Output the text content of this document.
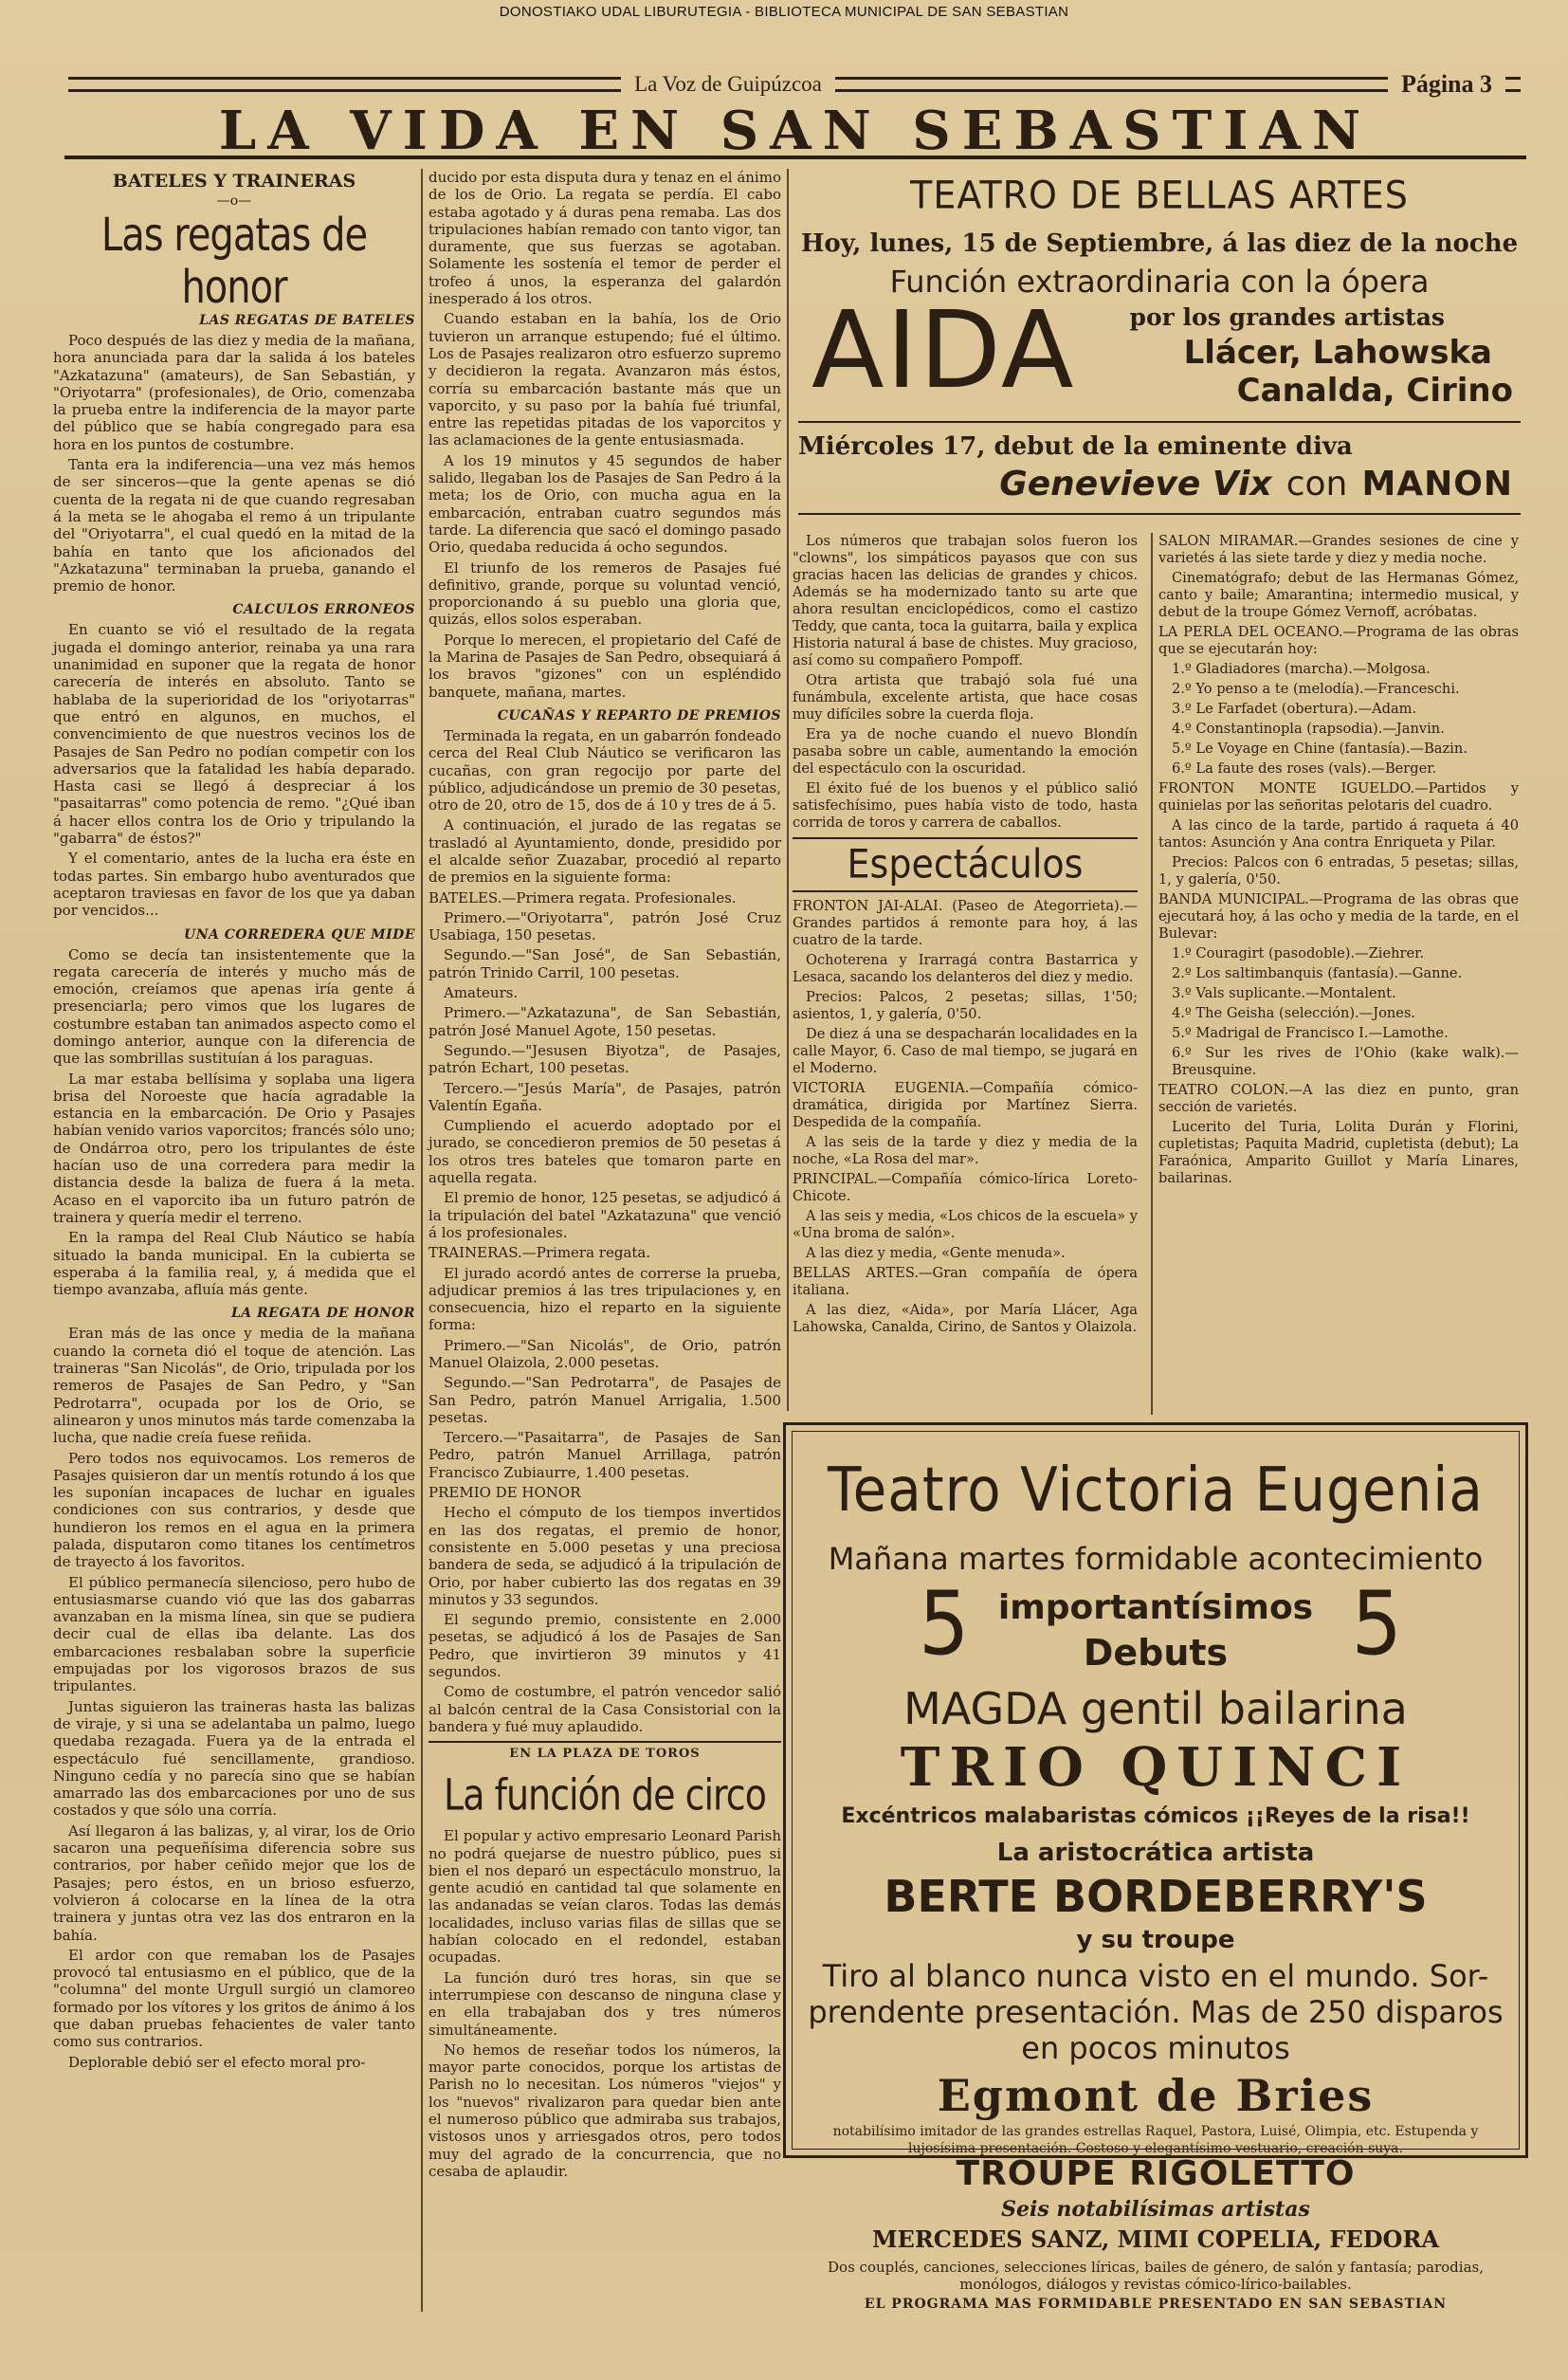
DONOSTIAKO UDAL LIBURUTEGIA - BIBLIOTECA MUNICIPAL DE SAN SEBASTIAN
La Voz de Guipúzcoa	Página 3
LA VIDA EN SAN SEBASTIAN
BATELES Y TRAINERAS
—o—
Las regatas de honor
LAS REGATAS DE BATELES

Poco después de las diez y media de la mañana, hora anunciada para dar la salida á los bateles "Azkatazuna" (amateurs), de San Sebastián, y "Oriyotarra" (profesionales), de Orio, comenzaba la prueba entre la indiferencia de la mayor parte del público que se había congregado para esa hora en los puntos de costumbre.

Tanta era la indiferencia—una vez más hemos de ser sinceros—que la gente apenas se dió cuenta de la regata ni de que cuando regresaban á la meta se le ahogaba el remo á un tripulante del "Oriyotarra", el cual quedó en la mitad de la bahía en tanto que los aficionados del "Azkatazuna" terminaban la prueba, ganando el premio de honor.

CALCULOS ERRONEOS

En cuanto se vió el resultado de la regata jugada el domingo anterior, reinaba ya una rara unanimidad en suponer que la regata de honor carecería de interés en absoluto. Tanto se hablaba de la superioridad de los "oriyotarras" que entró en algunos, en muchos, el convencimiento de que nuestros vecinos los de Pasajes de San Pedro no podían competir con los adversarios que la fatalidad les había deparado. Hasta casi se llegó á despreciar á los "pasaitarras" como potencia de remo. "¿Qué iban á hacer ellos contra los de Orio y tripulando la "gabarra" de éstos?"

Y el comentario, antes de la lucha era éste en todas partes. Sin embargo hubo aventurados que aceptaron traviesas en favor de los que ya daban por vencidos...

UNA CORREDERA QUE MIDE

Como se decía tan insistentemente que la regata carecería de interés y mucho más de emoción, creíamos que apenas iría gente á presenciarla; pero vimos que los lugares de costumbre estaban tan animados aspecto como el domingo anterior, aunque con la diferencia de que las sombrillas sustituían á los paraguas.

La mar estaba bellísima y soplaba una ligera brisa del Noroeste que hacía agradable la estancia en la embarcación. De Orio y Pasajes habían venido varios vaporcitos; francés sólo uno; de Ondárroa otro, pero los tripulantes de éste hacían uso de una corredera para medir la distancia desde la baliza de fuera á la meta. Acaso en el vaporcito iba un futuro patrón de trainera y quería medir el terreno.

En la rampa del Real Club Náutico se había situado la banda municipal. En la cubierta se esperaba á la familia real, y, á medida que el tiempo avanzaba, afluía más gente.

LA REGATA DE HONOR

Eran más de las once y media de la mañana cuando la corneta dió el toque de atención. Las traineras "San Nicolás", de Orio, tripulada por los remeros de Pasajes de San Pedro, y "San Pedrotarra", ocupada por los de Orio, se alinearon y unos minutos más tarde comenzaba la lucha, que nadie creía fuese reñida.

Pero todos nos equivocamos. Los remeros de Pasajes quisieron dar un mentís rotundo á los que les suponían incapaces de luchar en iguales condiciones con sus contrarios, y desde que hundieron los remos en el agua en la primera palada, disputaron como titanes los centímetros de trayecto á los favoritos.

El público permanecía silencioso, pero hubo de entusiasmarse cuando vió que las dos gabarras avanzaban en la misma línea, sin que se pudiera decir cual de ellas iba delante. Las dos embarcaciones resbalaban sobre la superficie empujadas por los vigorosos brazos de sus tripulantes.

Juntas siguieron las traineras hasta las balizas de viraje, y si una se adelantaba un palmo, luego quedaba rezagada. Fuera ya de la entrada el espectáculo fué sencillamente, grandioso. Ninguno cedía y no parecía sino que se habían amarrado las dos embarcaciones por uno de sus costados y que sólo una corría.

Así llegaron á las balizas, y, al virar, los de Orio sacaron una pequeñísima diferencia sobre sus contrarios, por haber ceñido mejor que los de Pasajes; pero éstos, en un brioso esfuerzo, volvieron á colocarse en la línea de la otra trainera y juntas otra vez las dos entraron en la bahía.

El ardor con que remaban los de Pasajes provocó tal entusiasmo en el público, que de la "columna" del monte Urgull surgió un clamoreo formado por los vítores y los gritos de ánimo á los que daban pruebas fehacientes de valer tanto como sus contrarios.

Deplorable debió ser el efecto moral pro-

ducido por esta disputa dura y tenaz en el ánimo de los de Orio. La regata se perdía. El cabo estaba agotado y á duras pena remaba. Las dos tripulaciones habían remado con tanto vigor, tan duramente, que sus fuerzas se agotaban. Solamente les sostenía el temor de perder el trofeo á unos, la esperanza del galardón inesperado á los otros.

Cuando estaban en la bahía, los de Orio tuvieron un arranque estupendo; fué el último. Los de Pasajes realizaron otro esfuerzo supremo y decidieron la regata. Avanzaron más éstos, corría su embarcación bastante más que un vaporcito, y su paso por la bahía fué triunfal, entre las repetidas pitadas de los vaporcitos y las aclamaciones de la gente entusiasmada.

A los 19 minutos y 45 segundos de haber salido, llegaban los de Pasajes de San Pedro á la meta; los de Orio, con mucha agua en la embarcación, entraban cuatro segundos más tarde. La diferencia que sacó el domingo pasado Orio, quedaba reducida á ocho segundos.

El triunfo de los remeros de Pasajes fué definitivo, grande, porque su voluntad venció, proporcionando á su pueblo una gloria que, quizás, ellos solos esperaban.

Porque lo merecen, el propietario del Café de la Marina de Pasajes de San Pedro, obsequiará á los bravos "gizones" con un espléndido banquete, mañana, martes.

CUCAÑAS Y REPARTO DE PREMIOS

Terminada la regata, en un gabarrón fondeado cerca del Real Club Náutico se verificaron las cucañas, con gran regocijo por parte del público, adjudicándose un premio de 30 pesetas, otro de 20, otro de 15, dos de á 10 y tres de á 5.

A continuación, el jurado de las regatas se trasladó al Ayuntamiento, donde, presidido por el alcalde señor Zuazabar, procedió al reparto de premios en la siguiente forma:

BATELES.—Primera regata. Profesionales.

Primero.—"Oriyotarra", patrón José Cruz Usabiaga, 150 pesetas.

Segundo.—"San José", de San Sebastián, patrón Trinido Carril, 100 pesetas.

Amateurs.

Primero.—"Azkatazuna", de San Sebastián, patrón José Manuel Agote, 150 pesetas.

Segundo.—"Jesusen Biyotza", de Pasajes, patrón Echart, 100 pesetas.

Tercero.—"Jesús María", de Pasajes, patrón Valentín Egaña.

Cumpliendo el acuerdo adoptado por el jurado, se concedieron premios de 50 pesetas á los otros tres bateles que tomaron parte en aquella regata.

El premio de honor, 125 pesetas, se adjudicó á la tripulación del batel "Azkatazuna" que venció á los profesionales.

TRAINERAS.—Primera regata.

El jurado acordó antes de correrse la prueba, adjudicar premios á las tres tripulaciones y, en consecuencia, hizo el reparto en la siguiente forma:

Primero.—"San Nicolás", de Orio, patrón Manuel Olaizola, 2.000 pesetas.

Segundo.—"San Pedrotarra", de Pasajes de San Pedro, patrón Manuel Arrigalia, 1.500 pesetas.

Tercero.—"Pasaitarra", de Pasajes de San Pedro, patrón Manuel Arrillaga, patrón Francisco Zubiaurre, 1.400 pesetas.

PREMIO DE HONOR

Hecho el cómputo de los tiempos invertidos en las dos regatas, el premio de honor, consistente en 5.000 pesetas y una preciosa bandera de seda, se adjudicó á la tripulación de Orio, por haber cubierto las dos regatas en 39 minutos y 33 segundos.

El segundo premio, consistente en 2.000 pesetas, se adjudicó á los de Pasajes de San Pedro, que invirtieron 39 minutos y 41 segundos.

Como de costumbre, el patrón vencedor salió al balcón central de la Casa Consistorial con la bandera y fué muy aplaudido.

EN LA PLAZA DE TOROS
La función de circo

El popular y activo empresario Leonard Parish no podrá quejarse de nuestro público, pues si bien el nos deparó un espectáculo monstruo, la gente acudió en cantidad tal que solamente en las andanadas se veían claros. Todas las demás localidades, incluso varias filas de sillas que se habían colocado en el redondel, estaban ocupadas.

La función duró tres horas, sin que se interrumpiese con descanso de ninguna clase y en ella trabajaban dos y tres números simultáneamente.

No hemos de reseñar todos los números, la mayor parte conocidos, porque los artistas de Parish no lo necesitan. Los números "viejos" y los "nuevos" rivalizaron para quedar bien ante el numeroso público que admiraba sus trabajos, vistosos unos y arriesgados otros, pero todos muy del agrado de la concurrencia, que no cesaba de aplaudir.

TEATRO DE BELLAS ARTES
Hoy, lunes, 15 de Septiembre, á las diez de la noche
Función extraordinaria con la ópera
AIDA por los grandes artistas
Llácer, Lahowska
Canalda, Cirino
Miércoles 17, debut de la eminente diva
Genevieve Vix con MANON

Los números que trabajan solos fueron los "clowns", los simpáticos payasos que con sus gracias hacen las delicias de grandes y chicos. Además se ha modernizado tanto su arte que ahora resultan enciclopédicos, como el castizo Teddy, que canta, toca la guitarra, baila y explica Historia natural á base de chistes. Muy gracioso, así como su compañero Pompoff.

Otra artista que trabajó sola fué una funámbula, excelente artista, que hace cosas muy difíciles sobre la cuerda floja.

Era ya de noche cuando el nuevo Blondín pasaba sobre un cable, aumentando la emoción del espectáculo con la oscuridad.

El éxito fué de los buenos y el público salió satisfechísimo, pues había visto de todo, hasta corrida de toros y carrera de caballos.

Espectáculos

FRONTON JAI-ALAI. (Paseo de Ategorrieta).—Grandes partidos á remonte para hoy, á las cuatro de la tarde.

Ochoterena y Irarragá contra Bastarrica y Lesaca, sacando los delanteros del diez y medio.

Precios: Palcos, 2 pesetas; sillas, 1'50; asientos, 1, y galería, 0'50.

De diez á una se despacharán localidades en la calle Mayor, 6. Caso de mal tiempo, se jugará en el Moderno.

VICTORIA EUGENIA.—Compañía cómico-dramática, dirigida por Martínez Sierra. Despedida de la compañía.

A las seis de la tarde y diez y media de la noche, «La Rosa del mar».

PRINCIPAL.—Compañía cómico-lírica Loreto-Chicote.

A las seis y media, «Los chicos de la escuela» y «Una broma de salón».

A las diez y media, «Gente menuda».

BELLAS ARTES.—Gran compañía de ópera italiana.

A las diez, «Aida», por María Llácer, Aga Lahowska, Canalda, Cirino, de Santos y Olaizola.

SALON MIRAMAR.—Grandes sesiones de cine y varietés á las siete tarde y diez y media noche.

Cinematógrafo; debut de las Hermanas Gómez, canto y baile; Amarantina; intermedio musical, y debut de la troupe Gómez Vernoff, acróbatas.

LA PERLA DEL OCEANO.—Programa de las obras que se ejecutarán hoy:

1.º Gladiadores (marcha).—Molgosa.

2.º Yo penso a te (melodía).—Franceschi.

3.º Le Farfadet (obertura).—Adam.

4.º Constantinopla (rapsodia).—Janvin.

5.º Le Voyage en Chine (fantasía).—Bazin.

6.º La faute des roses (vals).—Berger.

FRONTON MONTE IGUELDO.—Partidos y quinielas por las señoritas pelotaris del cuadro.

A las cinco de la tarde, partido á raqueta á 40 tantos: Asunción y Ana contra Enriqueta y Pilar.

Precios: Palcos con 6 entradas, 5 pesetas; sillas, 1, y galería, 0'50.

BANDA MUNICIPAL.—Programa de las obras que ejecutará hoy, á las ocho y media de la tarde, en el Bulevar:

1.º Couragirt (pasodoble).—Ziehrer.

2.º Los saltimbanquis (fantasía).—Ganne.

3.º Vals suplicante.—Montalent.

4.º The Geisha (selección).—Jones.

5.º Madrigal de Francisco I.—Lamothe.

6.º Sur les rives de l'Ohio (kake walk).—Breusquine.

TEATRO COLON.—A las diez en punto, gran sección de varietés.

Lucerito del Turia, Lolita Durán y Florini, cupletistas; Paquita Madrid, cupletista (debut); La Faraónica, Amparito Guillot y María Linares, bailarinas.

Teatro Victoria Eugenia
Mañana martes formidable acontecimiento
5	5
importantísimos
Debuts
MAGDA gentil bailarina
TRIO QUINCI
Excéntricos malabaristas cómicos ¡¡Reyes de la risa!!
La aristocrática artista
BERTE BORDEBERRY'S
y su troupe
Tiro al blanco nunca visto en el mundo. Sor-
prendente presentación. Mas de 250 disparos
en pocos minutos
Egmont de Bries
notabilísimo imitador de las grandes estrellas Raquel, Pastora, Luisé, Olimpia, etc. Estupenda y lujosísima presentación. Costoso y elegantísimo vestuario, creación suya.
TROUPE RIGOLETTO
Seis notabilísimas artistas
MERCEDES SANZ, MIMI COPELIA, FEDORA
Dos couplés, canciones, selecciones líricas, bailes de género, de salón y fantasía; parodias, monólogos, diálogos y revistas cómico-lírico-bailables.
EL PROGRAMA MAS FORMIDABLE PRESENTADO EN SAN SEBASTIAN
